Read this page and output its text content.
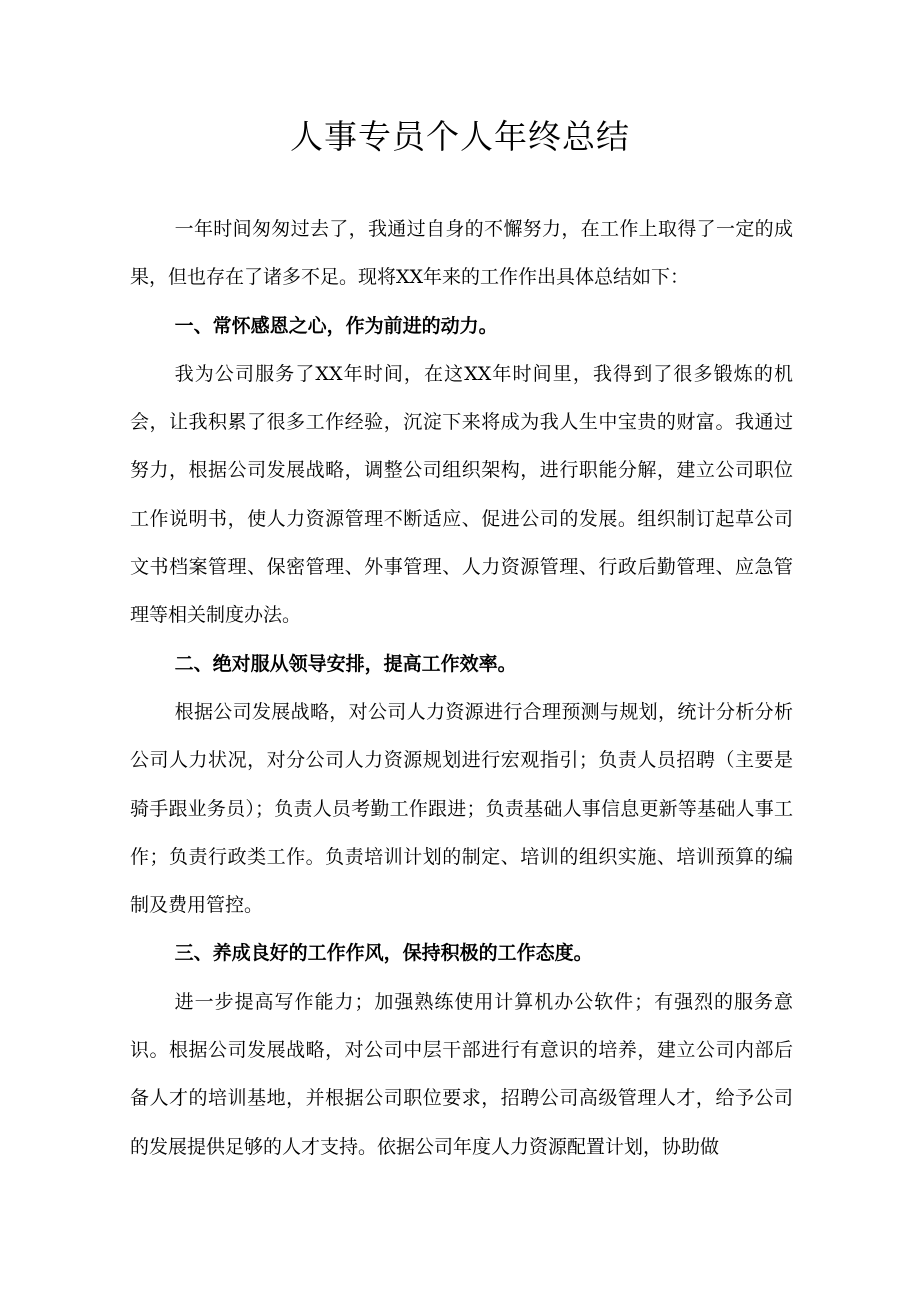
人事专员个人年终总结

一年时间匆匆过去了，我通过自身的不懈努力，在工作上取得了一定的成果，但也存在了诸多不足。现将XX年来的工作作出具体总结如下：

一、常怀感恩之心，作为前进的动力。

我为公司服务了XX年时间，在这XX年时间里，我得到了很多锻炼的机会，让我积累了很多工作经验，沉淀下来将成为我人生中宝贵的财富。我通过努力，根据公司发展战略，调整公司组织架构，进行职能分解，建立公司职位工作说明书，使人力资源管理不断适应、促进公司的发展。组织制订起草公司文书档案管理、保密管理、外事管理、人力资源管理、行政后勤管理、应急管理等相关制度办法。

二、绝对服从领导安排，提高工作效率。

根据公司发展战略，对公司人力资源进行合理预测与规划，统计分析分析公司人力状况，对分公司人力资源规划进行宏观指引；负责人员招聘（主要是骑手跟业务员）；负责人员考勤工作跟进；负责基础人事信息更新等基础人事工作；负责行政类工作。负责培训计划的制定、培训的组织实施、培训预算的编制及费用管控。

三、养成良好的工作作风，保持积极的工作态度。

进一步提高写作能力；加强熟练使用计算机办公软件；有强烈的服务意识。根据公司发展战略，对公司中层干部进行有意识的培养，建立公司内部后备人才的培训基地，并根据公司职位要求，招聘公司高级管理人才，给予公司的发展提供足够的人才支持。依据公司年度人力资源配置计划，协助做
